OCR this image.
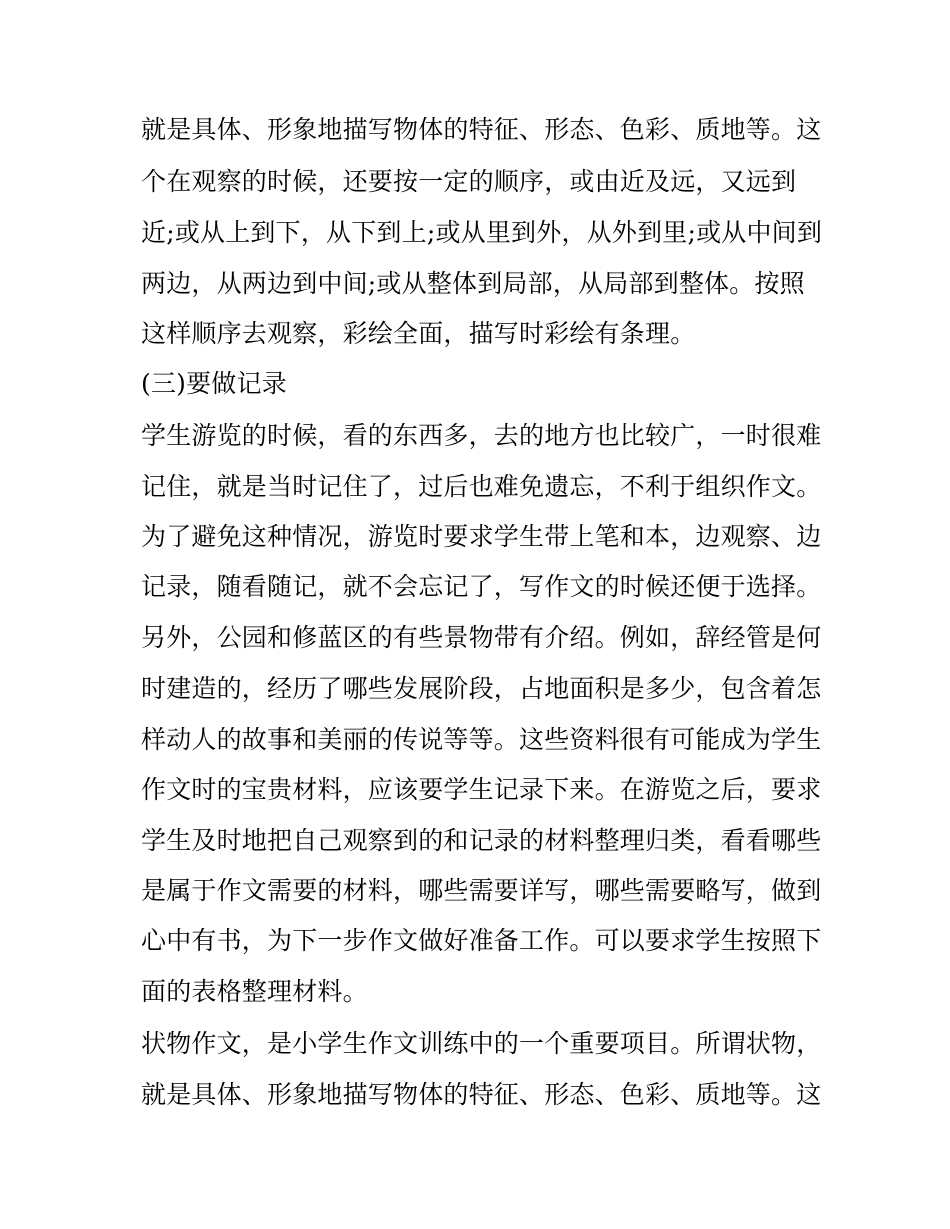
就是具体、形象地描写物体的特征、形态、色彩、质地等。这
个在观察的时候，还要按一定的顺序，或由近及远，又远到
近;或从上到下，从下到上;或从里到外，从外到里;或从中间到
两边，从两边到中间;或从整体到局部，从局部到整体。按照
这样顺序去观察，彩绘全面，描写时彩绘有条理。
(三)要做记录
学生游览的时候，看的东西多，去的地方也比较广，一时很难
记住，就是当时记住了，过后也难免遗忘，不利于组织作文。
为了避免这种情况，游览时要求学生带上笔和本，边观察、边
记录，随看随记，就不会忘记了，写作文的时候还便于选择。
另外，公园和修蓝区的有些景物带有介绍。例如，辞经管是何
时建造的，经历了哪些发展阶段，占地面积是多少，包含着怎
样动人的故事和美丽的传说等等。这些资料很有可能成为学生
作文时的宝贵材料，应该要学生记录下来。在游览之后，要求
学生及时地把自己观察到的和记录的材料整理归类，看看哪些
是属于作文需要的材料，哪些需要详写，哪些需要略写，做到
心中有书，为下一步作文做好准备工作。可以要求学生按照下
面的表格整理材料。
状物作文，是小学生作文训练中的一个重要项目。所谓状物，
就是具体、形象地描写物体的特征、形态、色彩、质地等。这
